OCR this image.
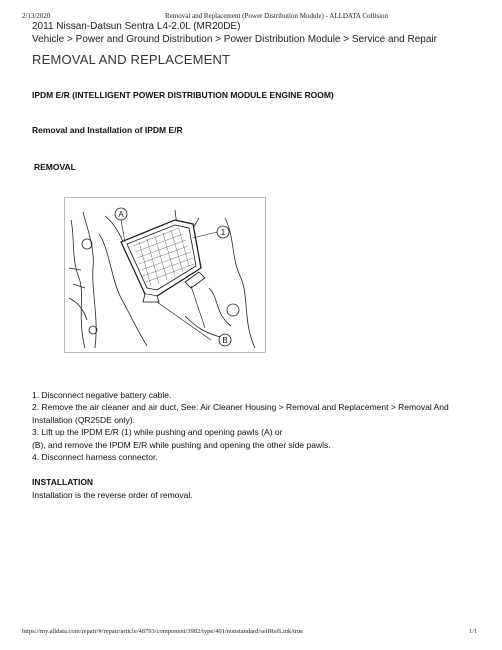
2/13/2020	Removal and Replacement (Power Distribution Module) - ALLDATA Collision
2011 Nissan-Datsun Sentra L4-2.0L (MR20DE)
Vehicle > Power and Ground Distribution > Power Distribution Module > Service and Repair
REMOVAL AND REPLACEMENT
IPDM E/R (INTELLIGENT POWER DISTRIBUTION MODULE ENGINE ROOM)
Removal and Installation of IPDM E/R
REMOVAL
A
1
B
1. Disconnect negative battery cable.
2. Remove the air cleaner and air duct, See: Air Cleaner Housing > Removal and Replacement > Removal And
Installation (QR25DE only).
3. Lift up the IPDM E/R (1) while pushing and opening pawls (A) or
(B), and remove the IPDM E/R while pushing and opening the other side pawls.
4. Disconnect harness connector.
INSTALLATION
Installation is the reverse order of removal.
https://my.alldata.com/repair/#/repair/article/48793/component/3982/type/401/nonstandard/selfRefLink/true	1/1
